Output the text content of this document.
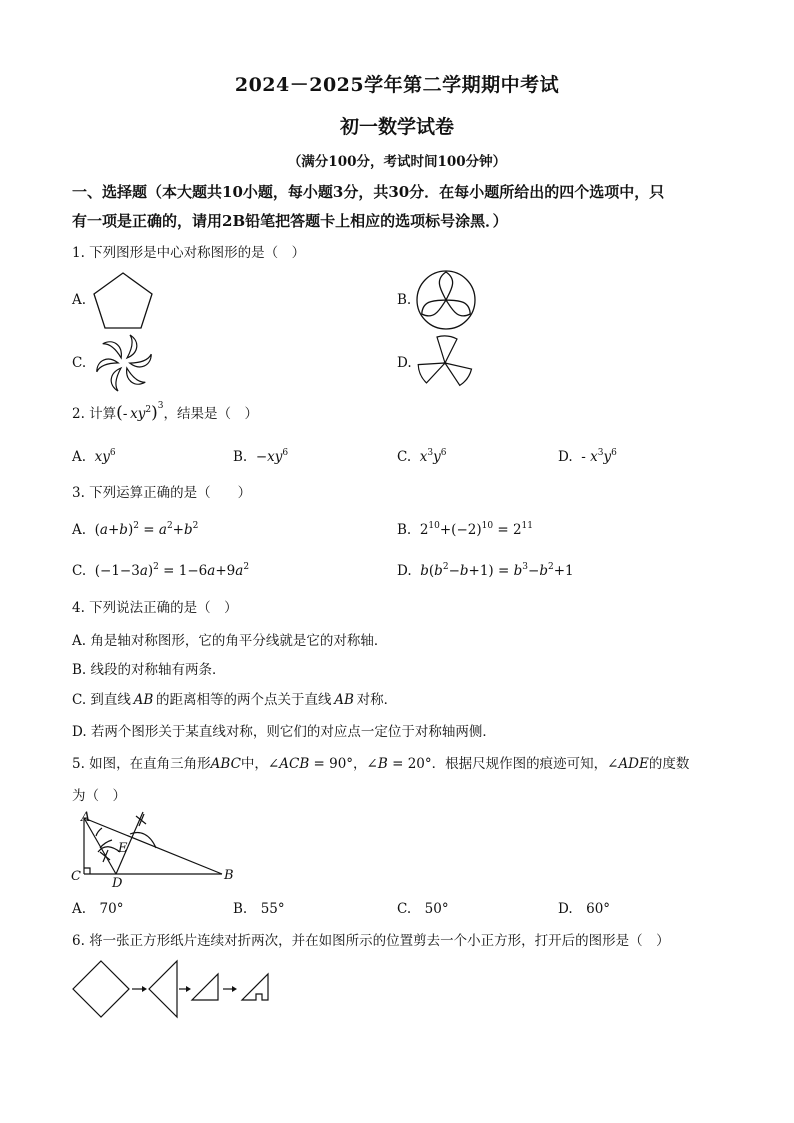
2024－2025学年第二学期期中考试
初一数学试卷
（满分100分，考试时间100分钟）
一、选择题（本大题共10小题，每小题3分，共30分．在每小题所给出的四个选项中，只
有一项是正确的，请用2B铅笔把答题卡上相应的选项标号涂黑．）
1. 下列图形是中心对称图形的是（　）
A.	B.
C.	D.
2. 计算(-  $xy^2)^3$，结果是（　）
A. $xy^6$	B. $-xy^6$	C. $x^3y^6$	D. - $x^3y^6$
3. 下列运算正确的是（　　）
A. $(a+b)^2 = a^2+b^2$	B. $2^{10}+(-2)^{10} = 2^{11}$
C. $(-1-3a)^2 = 1-6a+9a^2$	D. $b(b^2-b+1) = b^3-b^2+1$
4. 下列说法正确的是（　）
A. 角是轴对称图形，它的角平分线就是它的对称轴．
B. 线段的对称轴有两条．
C. 到直线  AB  的距离相等的两个点关于直线  AB  对称．
D. 若两个图形关于某直线对称，则它们的对应点一定位于对称轴两侧．
5. 如图，在直角三角形ABC中，∠ACB = 90°，∠B = 20°．根据尺规作图的痕迹可知，∠ADE的度数
为（　）
A
B
C D
E
A.　70°	B.　55°	C.　50°	D.　60°
6. 将一张正方形纸片连续对折两次，并在如图所示的位置剪去一个小正方形，打开后的图形是（　）
